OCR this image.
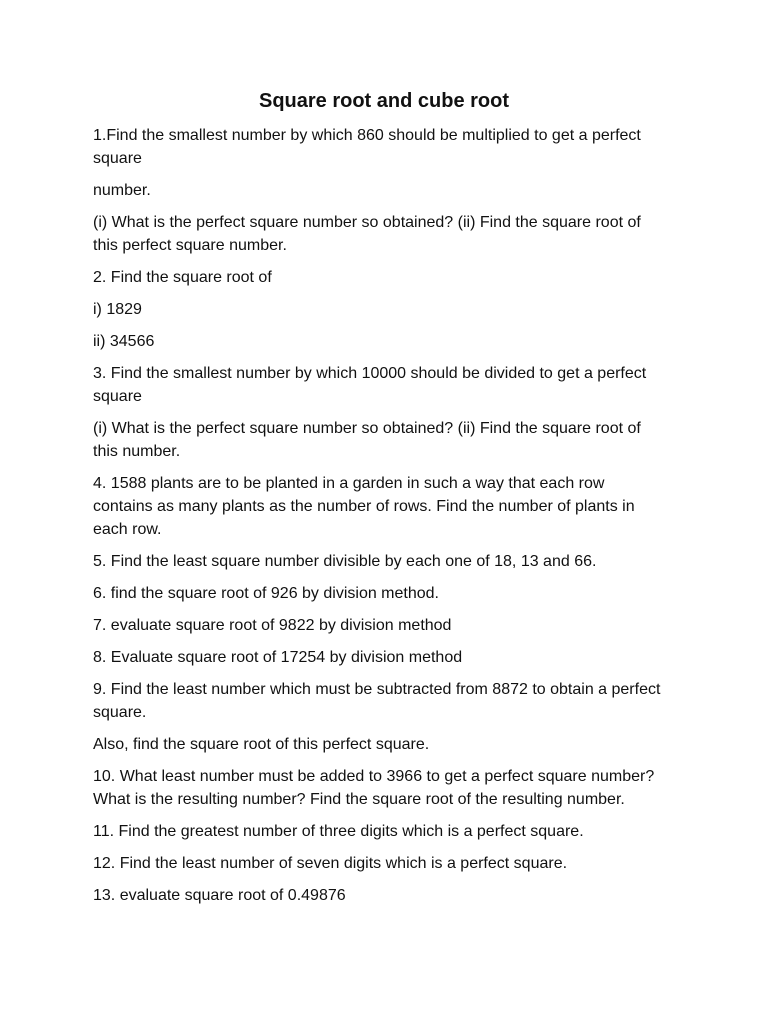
Square root and cube root

1.Find the smallest number by which 860 should be multiplied to get a perfect square

number.

(i) What is the perfect square number so obtained? (ii) Find the square root of this perfect square number.

2. Find the square root of

i) 1829

ii) 34566

3. Find the smallest number by which 10000 should be divided to get a perfect square

(i) What is the perfect square number so obtained? (ii) Find the square root of this number.

4. 1588 plants are to be planted in a garden in such a way that each row contains as many plants as the number of rows. Find the number of plants in each row.

5. Find the least square number divisible by each one of 18, 13 and 66.

6. find the square root of 926 by division method.

7. evaluate square root of 9822 by division method

8. Evaluate square root of 17254 by division method

9. Find the least number which must be subtracted from 8872 to obtain a perfect square.

Also, find the square root of this perfect square.

10. What least number must be added to 3966 to get a perfect square number? What is the resulting number? Find the square root of the resulting number.

11. Find the greatest number of three digits which is a perfect square.

12. Find the least number of seven digits which is a perfect square.

13. evaluate square root of 0.49876
